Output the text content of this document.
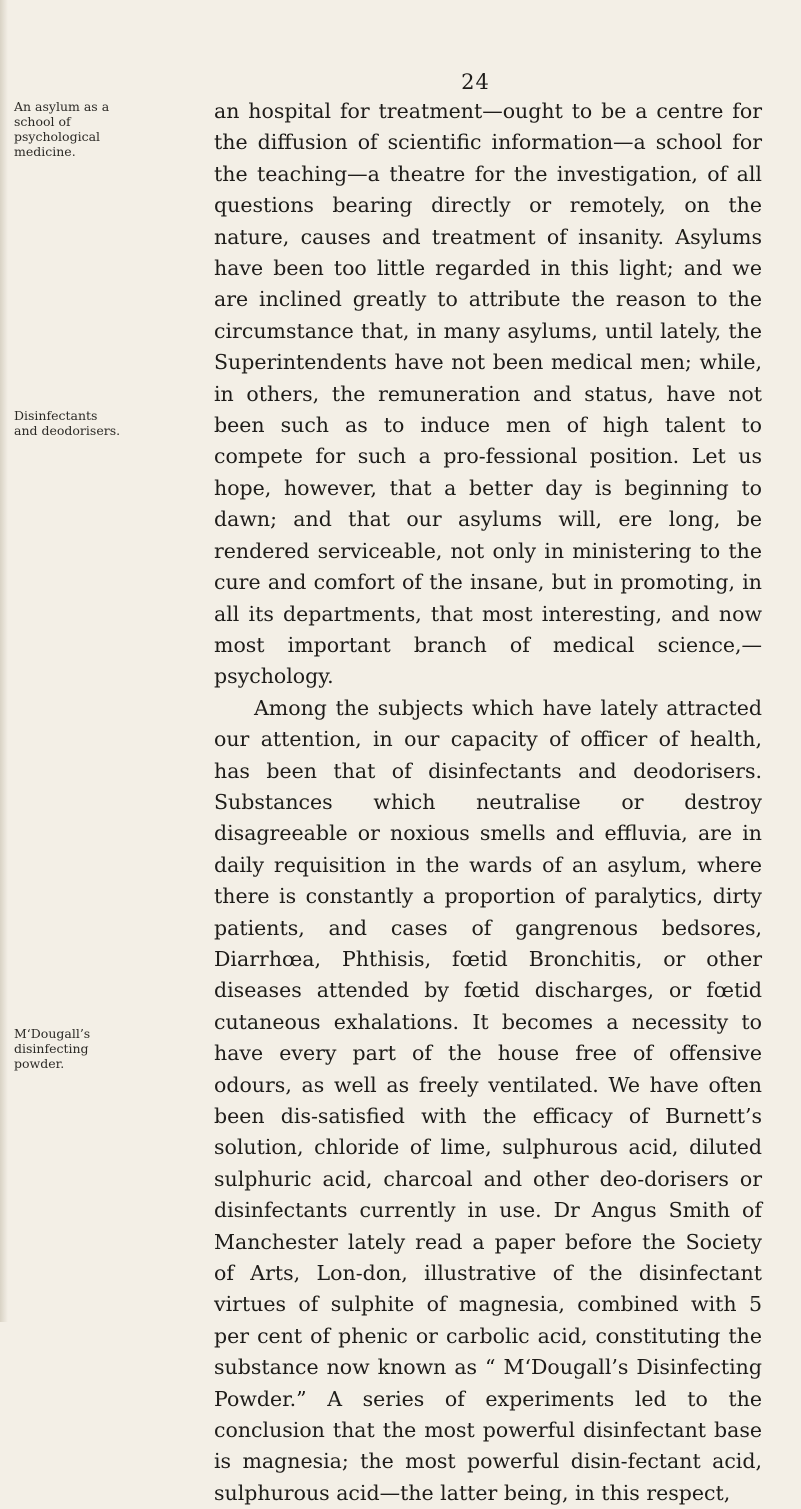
24
An asylum as a
school of
psychological
medicine.
Disinfectants
and deodorisers.
M‘Dougall’s
disinfecting
powder.

an hospital for treatment—ought to be a centre for the diffusion of scientific information—a school for the teaching—a theatre for the investigation, of all questions bearing directly or remotely, on the nature, causes and treatment of insanity. Asylums have been too little regarded in this light; and we are inclined greatly to attribute the reason to the circumstance that, in many asylums, until lately, the Superintendents have not been medical men; while, in others, the remuneration and status, have not been such as to induce men of high talent to compete for such a pro-fessional position. Let us hope, however, that a better day is beginning to dawn; and that our asylums will, ere long, be rendered serviceable, not only in ministering to the cure and comfort of the insane, but in promoting, in all its departments, that most interesting, and now most important branch of medical science,—psychology.

Among the subjects which have lately attracted our attention, in our capacity of officer of health, has been that of disinfectants and deodorisers. Substances which neutralise or destroy disagreeable or noxious smells and effluvia, are in daily requisition in the wards of an asylum, where there is constantly a proportion of paralytics, dirty patients, and cases of gangrenous bedsores, Diarrhœa, Phthisis, fœtid Bronchitis, or other diseases attended by fœtid discharges, or fœtid cutaneous exhalations. It becomes a necessity to have every part of the house free of offensive odours, as well as freely ventilated. We have often been dis-satisfied with the efficacy of Burnett’s solution, chloride of lime, sulphurous acid, diluted sulphuric acid, charcoal and other deo-dorisers or disinfectants currently in use. Dr Angus Smith of Manchester lately read a paper before the Society of Arts, Lon-don, illustrative of the disinfectant virtues of sulphite of magnesia, combined with 5 per cent of phenic or carbolic acid, constituting the substance now known as “ M‘Dougall’s Disinfecting Powder.” A series of experiments led to the conclusion that the most powerful disinfectant base is magnesia; the most powerful disin-fectant acid, sulphurous acid—the latter being, in this respect,
